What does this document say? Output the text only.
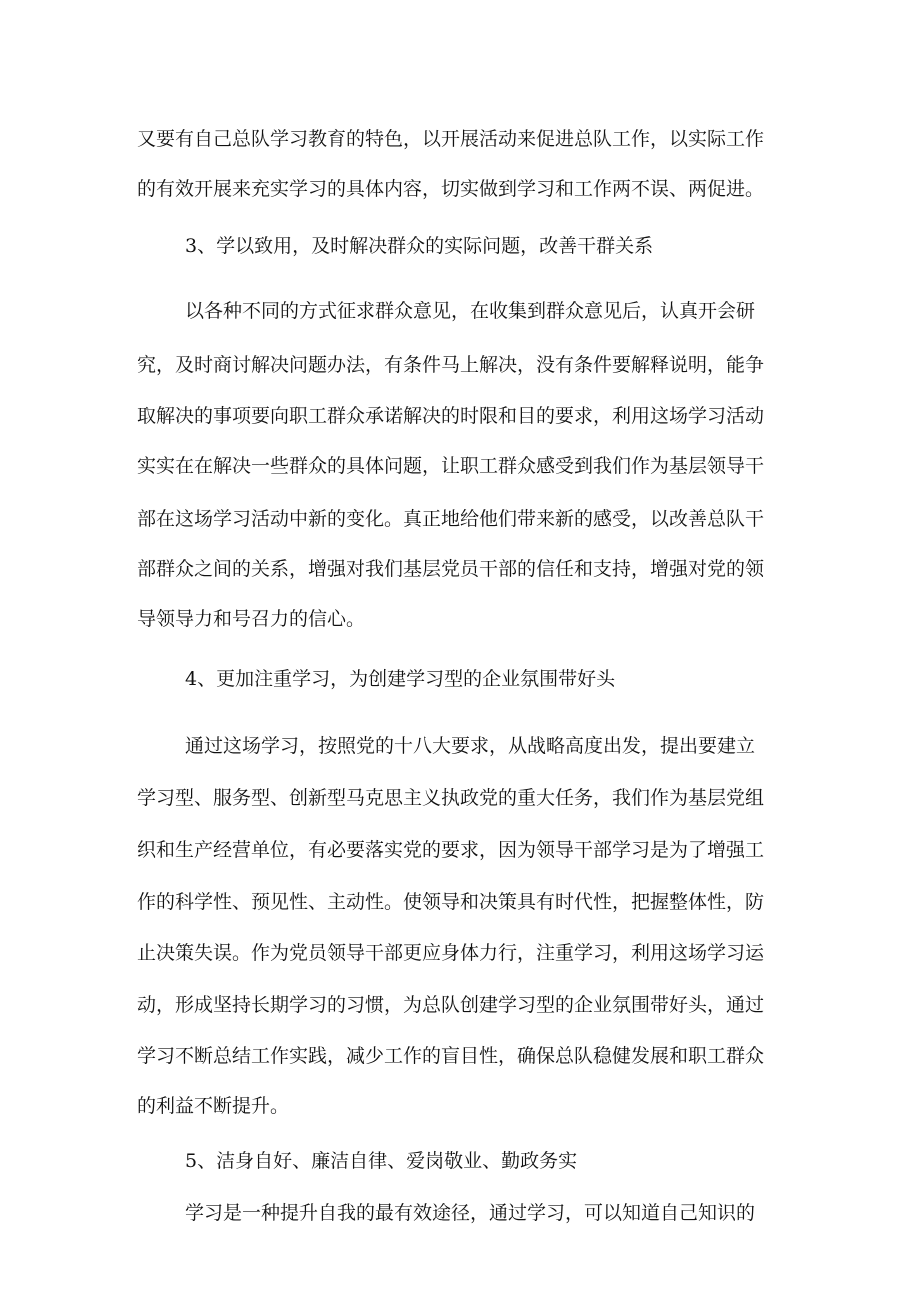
又要有自己总队学习教育的特色，以开展活动来促进总队工作，以实际工作
的有效开展来充实学习的具体内容，切实做到学习和工作两不误、两促进。
3、学以致用，及时解决群众的实际问题，改善干群关系
以各种不同的方式征求群众意见，在收集到群众意见后，认真开会研
究，及时商讨解决问题办法，有条件马上解决，没有条件要解释说明，能争
取解决的事项要向职工群众承诺解决的时限和目的要求，利用这场学习活动
实实在在解决一些群众的具体问题，让职工群众感受到我们作为基层领导干
部在这场学习活动中新的变化。真正地给他们带来新的感受，以改善总队干
部群众之间的关系，增强对我们基层党员干部的信任和支持，增强对党的领
导领导力和号召力的信心。
4、更加注重学习，为创建学习型的企业氛围带好头
通过这场学习，按照党的十八大要求，从战略高度出发，提出要建立
学习型、服务型、创新型马克思主义执政党的重大任务，我们作为基层党组
织和生产经营单位，有必要落实党的要求，因为领导干部学习是为了增强工
作的科学性、预见性、主动性。使领导和决策具有时代性，把握整体性，防
止决策失误。作为党员领导干部更应身体力行，注重学习，利用这场学习运
动，形成坚持长期学习的习惯，为总队创建学习型的企业氛围带好头，通过
学习不断总结工作实践，减少工作的盲目性，确保总队稳健发展和职工群众
的利益不断提升。
5、洁身自好、廉洁自律、爱岗敬业、勤政务实
学习是一种提升自我的最有效途径，通过学习，可以知道自己知识的
